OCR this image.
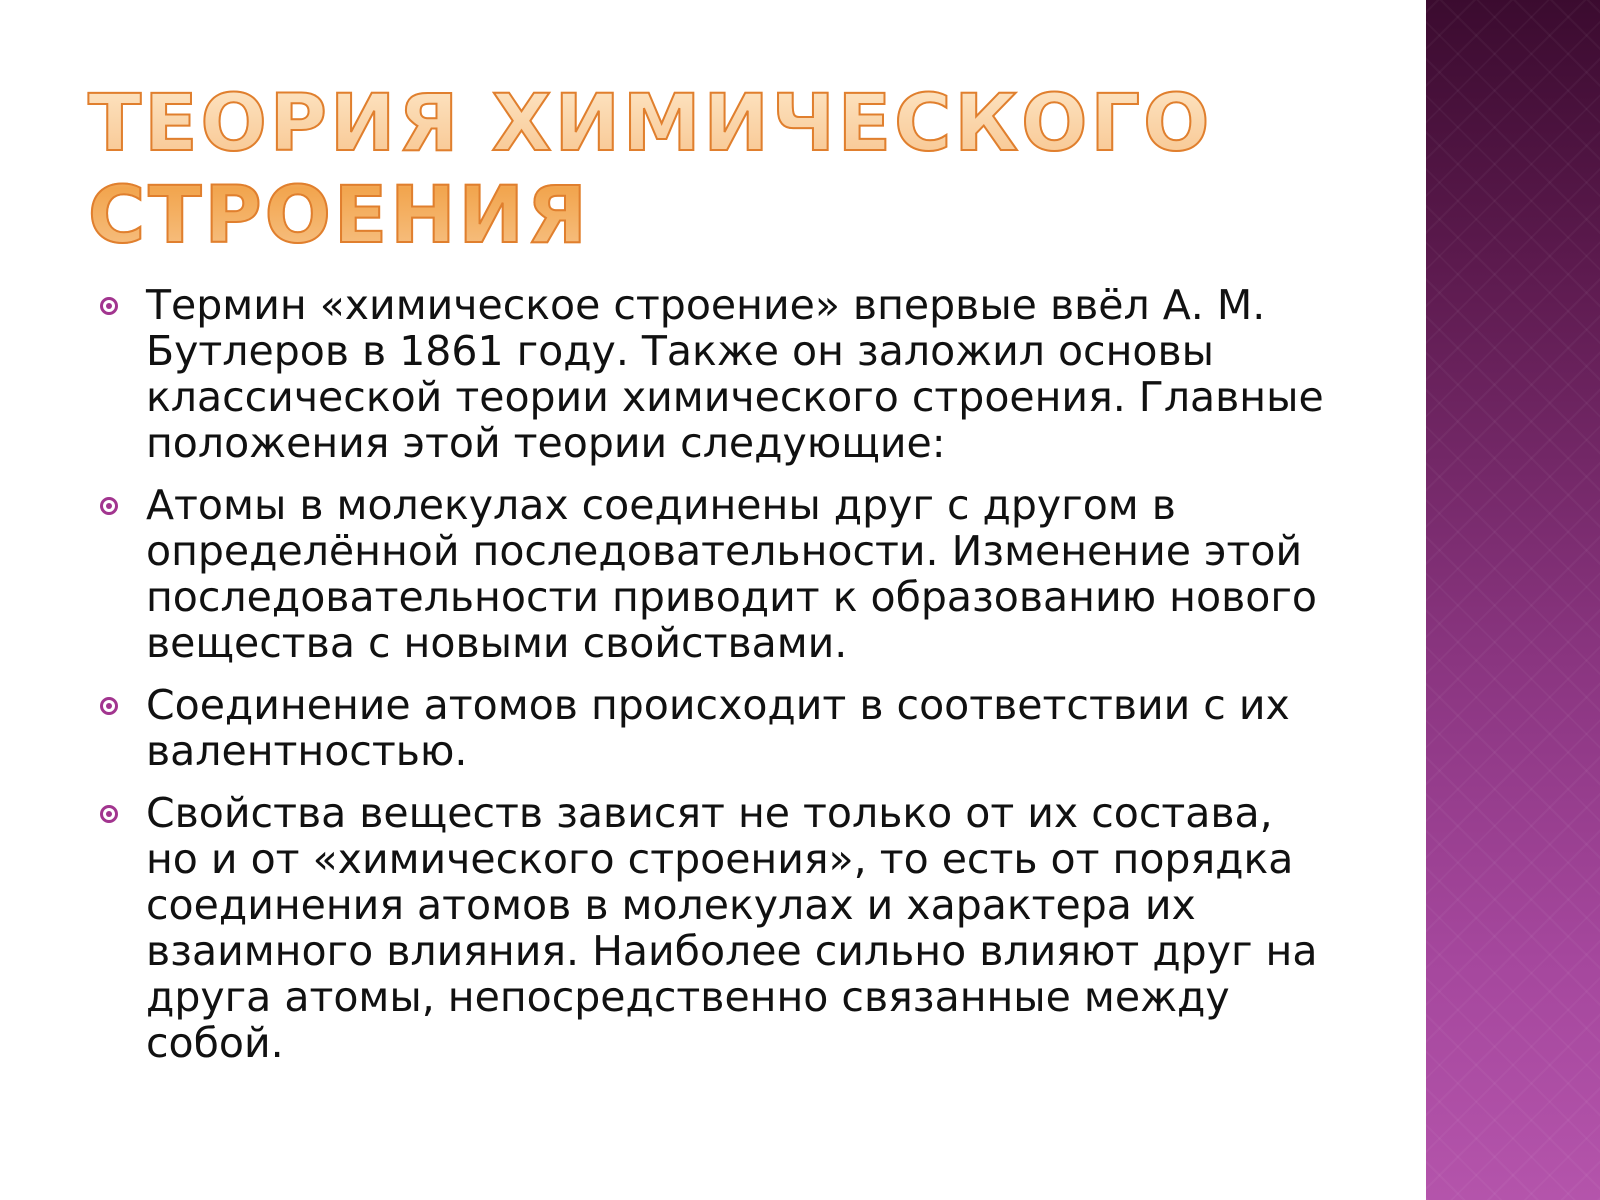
ТЕОРИЯ ХИМИЧЕСКОГО СТРОЕНИЯ
Термин «химическое строение» впервые ввёл А. М. Бутлеров в 1861 году. Также он заложил основы классической теории химического строения. Главные положения этой теории следующие:
Атомы в молекулах соединены друг с другом в определённой последовательности. Изменение этой последовательности приводит к образованию нового вещества с новыми свойствами.
Соединение атомов происходит в соответствии с их валентностью.
Свойства веществ зависят не только от их состава, но и от «химического строения», то есть от порядка соединения атомов в молекулах и характера их взаимного влияния. Наиболее сильно влияют друг на друга атомы, непосредственно связанные между собой.
